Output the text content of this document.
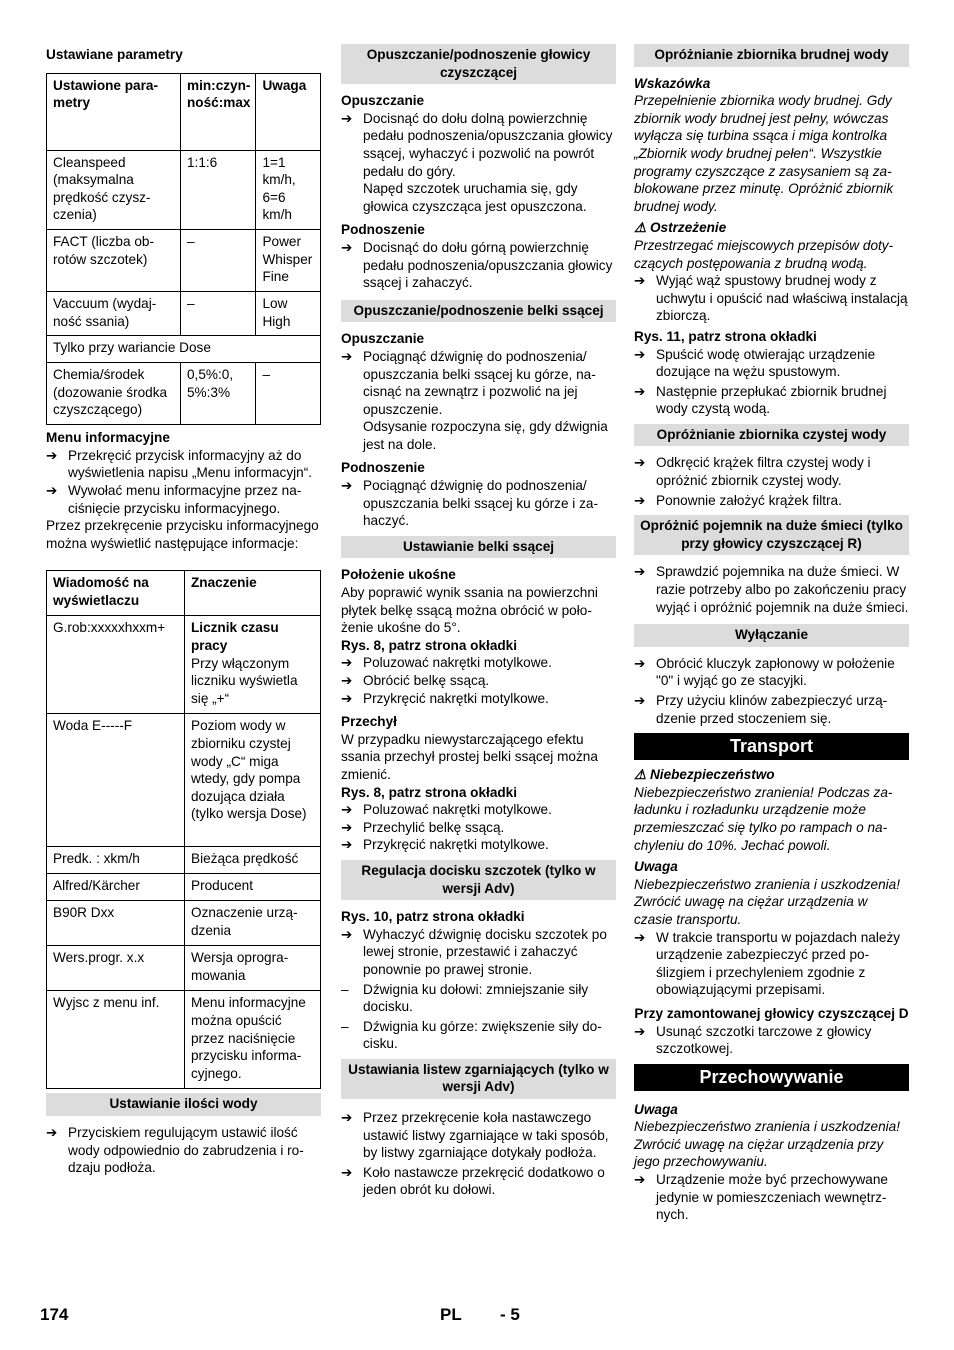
Ustawiane parametry

Ustawione parametry	min:czynność:max	Uwaga
Cleanspeed (maksymalna prędkość czyszczenia)	1:1:6	1=1 km/h, 6=6 km/h
FACT (liczba obrotów szczotek)	–	Power Whisper Fine
Vaccuum (wydajność ssania)	–	Low High
Tylko przy wariancie Dose		
Chemia/środek (dozowanie środka czyszczącego)	0,5%:0, 5%:3%	–

Menu informacyjne

➔ Przekręcić przycisk informacyjny aż do wyświetlenia napisu „Menu informacyjn“.
➔ Wywołać menu informacyjne przez naciśnięcie przycisku informacyjnego.

Przez przekręcenie przycisku informacyjnego można wyświetlić następujące informacje:

Wiadomość na wyświetlaczu	Znaczenie
G.rob:xxxxxhxxm+	Licznik czasu pracy
Przy włączonym liczniku wyświetla się „+“

Woda E-----F	Poziom wody w zbiorniku czystej wody „C“ miga wtedy, gdy pompa dozująca działa (tylko wersja Dose)
Predk. : xkm/h	Bieżąca prędkość
Alfred/Kärcher	Producent
B90R Dxx	Oznaczenie urządzenia
Wers.progr. x.x	Wersja oprogramowania
Wyjsc z menu inf.	Menu informacyjne można opuścić przez naciśnięcie przycisku informacyjnego.
Ustawianie ilości wody
➔ Przyciskiem regulującym ustawić ilość wody odpowiednio do zabrudzenia i rodzaju podłoża.
Opuszczanie/podnoszenie głowicy czyszczącej

Opuszczanie

➔ Docisnąć do dołu dolną powierzchnię pedału podnoszenia/opuszczania głowicy ssącej, wyhaczyć i pozwolić na powrót pedału do góry.

Napęd szczotek uruchamia się, gdy głowica czyszcząca jest opuszczona.

Podnoszenie

➔ Docisnąć do dołu górną powierzchnię pedału podnoszenia/opuszczania głowicy ssącej i zahaczyć.
Opuszczanie/podnoszenie belki ssącej

Opuszczanie

➔ Pociągnąć dźwignię do podnoszenia/ opuszczania belki ssącej ku górze, nacisnąć na zewnątrz i pozwolić na jej opuszczenie.

Odsysanie rozpoczyna się, gdy dźwignia jest na dole.

Podnoszenie

➔ Pociągnąć dźwignię do podnoszenia/ opuszczania belki ssącej ku górze i zahaczyć.
Ustawianie belki ssącej

Położenie ukośne

Aby poprawić wynik ssania na powierzchni płytek belkę ssącą można obrócić w położenie ukośne do 5°.

Rys. 8, patrz strona okładki

➔ Poluzować nakrętki motylkowe.
➔ Obrócić belkę ssącą.
➔ Przykręcić nakrętki motylkowe.

Przechył

W przypadku niewystarczającego efektu ssania przechył prostej belki ssącej można zmienić.

Rys. 8, patrz strona okładki

➔ Poluzować nakrętki motylkowe.
➔ Przechylić belkę ssącą.
➔ Przykręcić nakrętki motylkowe.
Regulacja docisku szczotek (tylko w wersji Adv)

Rys. 10, patrz strona okładki

➔ Wyhaczyć dźwignię docisku szczotek po lewej stronie, przestawić i zahaczyć ponownie po prawej stronie.
– Dźwignia ku dołowi: zmniejszanie siły docisku.
– Dźwignia ku górze: zwiększenie siły docisku.
Ustawiania listew zgarniających (tylko w wersji Adv)
➔ Przez przekręcenie koła nastawczego ustawić listwy zgarniające w taki sposób, by listwy zgarniające dotykały podłoża.
➔ Koło nastawcze przekręcić dodatkowo o jeden obrót ku dołowi.
Opróżnianie zbiornika brudnej wody

Wskazówka

Przepełnienie zbiornika wody brudnej. Gdy zbiornik wody brudnej jest pełny, wówczas wyłącza się turbina ssąca i miga kontrolka „Zbiornik wody brudnej pełen“. Wszystkie programy czyszczące z zasysaniem są zablokowane przez minutę. Opróżnić zbiornik brudnej wody.

⚠ Ostrzeżenie

Przestrzegać miejscowych przepisów dotyczących postępowania z brudną wodą.

➔ Wyjąć wąż spustowy brudnej wody z uchwytu i opuścić nad właściwą instalacją zbiorczą.

Rys. 11, patrz strona okładki

➔ Spuścić wodę otwierając urządzenie dozujące na wężu spustowym.
➔ Następnie przepłukać zbiornik brudnej wody czystą wodą.
Opróżnianie zbiornika czystej wody
➔ Odkręcić krążek filtra czystej wody i opróżnić zbiornik czystej wody.
➔ Ponownie założyć krążek filtra.
Opróżnić pojemnik na duże śmieci (tylko przy głowicy czyszczącej R)
➔ Sprawdzić pojemnika na duże śmieci. W razie potrzeby albo po zakończeniu pracy wyjąć i opróżnić pojemnik na duże śmieci.
Wyłączanie
➔ Obrócić kluczyk zapłonowy w położenie "0" i wyjąć go ze stacyjki.
➔ Przy użyciu klinów zabezpieczyć urządzenie przed stoczeniem się.
Transport

⚠ Niebezpieczeństwo

Niebezpieczeństwo zranienia! Podczas załadunku i rozładunku urządzenie może przemieszczać się tylko po rampach o nachyleniu do 10%. Jechać powoli.

Uwaga

Niebezpieczeństwo zranienia i uszkodzenia! Zwrócić uwagę na ciężar urządzenia w czasie transportu.

➔ W trakcie transportu w pojazdach należy urządzenie zabezpieczyć przed poślizgiem i przechyleniem zgodnie z obowiązującymi przepisami.

Przy zamontowanej głowicy czyszczącej D

➔ Usunąć szczotki tarczowe z głowicy szczotkowej.
Przechowywanie

Uwaga

Niebezpieczeństwo zranienia i uszkodzenia! Zwrócić uwagę na ciężar urządzenia przy jego przechowywaniu.

➔ Urządzenie może być przechowywane jedynie w pomieszczeniach wewnętrznych.
174	PL - 5
